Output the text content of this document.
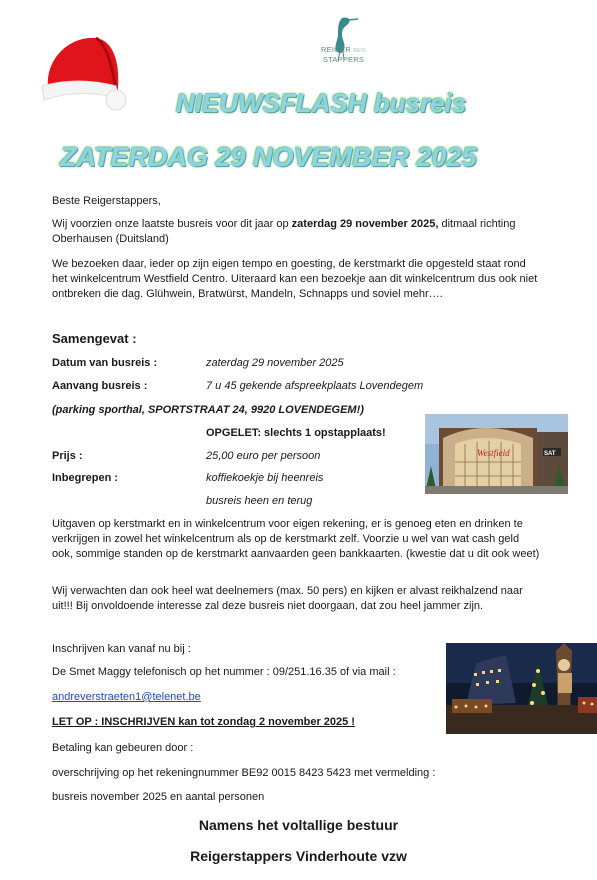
REIGER REIS
STAPPERS
NIEUWSFLASH busreis
ZATERDAG 29 NOVEMBER 2025
Beste Reigerstappers,
Wij voorzien onze laatste busreis voor dit jaar op zaterdag 29 november 2025, ditmaal richting Oberhausen (Duitsland)
We bezoeken daar, ieder op zijn eigen tempo en goesting, de kerstmarkt die opgesteld staat rond het winkelcentrum Westfield Centro. Uiteraard kan een bezoekje aan dit winkelcentrum dus ook niet ontbreken die dag. Glühwein, Bratwürst, Mandeln, Schnapps und soviel mehr….
Samengevat :
Datum van busreis :	zaterdag 29 november 2025
Aanvang busreis :	7 u 45 gekende afspreekplaats Lovendegem
(parking sporthal, SPORTSTRAAT 24, 9920 LOVENDEGEM!)
OPGELET: slechts 1 opstapplaats!
Prijs :	25,00 euro per persoon
Inbegrepen :	koffiekoekje bij heenreis
busreis heen en terug
Westfield	SAT
Uitgaven op kerstmarkt en in winkelcentrum voor eigen rekening, er is genoeg eten en drinken te verkrijgen in zowel het winkelcentrum als op de kerstmarkt zelf. Voorzie u wel van wat cash geld ook, sommige standen op de kerstmarkt aanvaarden geen bankkaarten. (kwestie dat u dit ook weet)
Wij verwachten dan ook heel wat deelnemers (max. 50 pers) en kijken er alvast reikhalzend naar uit!!! Bij onvoldoende interesse zal deze busreis niet doorgaan, dat zou heel jammer zijn.
Inschrijven kan vanaf nu bij :
De Smet Maggy telefonisch op het nummer : 09/251.16.35 of via mail :
andreverstraeten1@telenet.be
LET OP : INSCHRIJVEN kan tot zondag 2 november 2025 !
Betaling kan gebeuren door :
overschrijving op het rekeningnummer BE92 0015 8423 5423 met vermelding :
busreis november 2025 en aantal personen
Namens het voltallige bestuur
Reigerstappers Vinderhoute vzw
